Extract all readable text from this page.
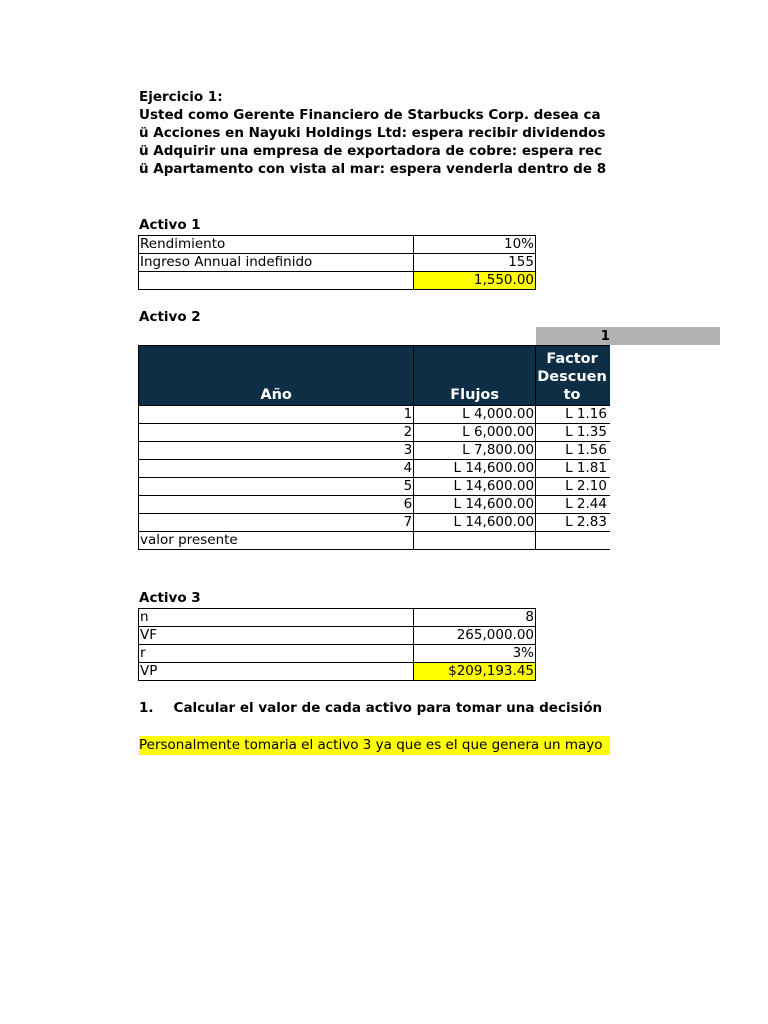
Ejercicio 1:
Usted como Gerente Financiero de Starbucks Corp. desea ca
ü Acciones en Nayuki Holdings Ltd: espera recibir dividendos
ü Adquirir una empresa de exportadora de cobre: espera rec
ü Apartamento con vista al mar: espera venderla dentro de 8
Activo 1
Rendimiento	10%
Ingreso Annual indefinido	155
	1,550.00
Activo 2
1
Año	Flujos	Factor
Descuen
to

1	L 4,000.00	L 1.16
2	L 6,000.00	L 1.35
3	L 7,800.00	L 1.56
4	L 14,600.00	L 1.81
5	L 14,600.00	L 2.10
6	L 14,600.00	L 2.44
7	L 14,600.00	L 2.83
valor presente		
Activo 3
n	8
VF	265,000.00
r	3%
VP	$209,193.45
1. Calcular el valor de cada activo para tomar una decisión
Personalmente tomaria el activo 3 ya que es el que genera un mayo
